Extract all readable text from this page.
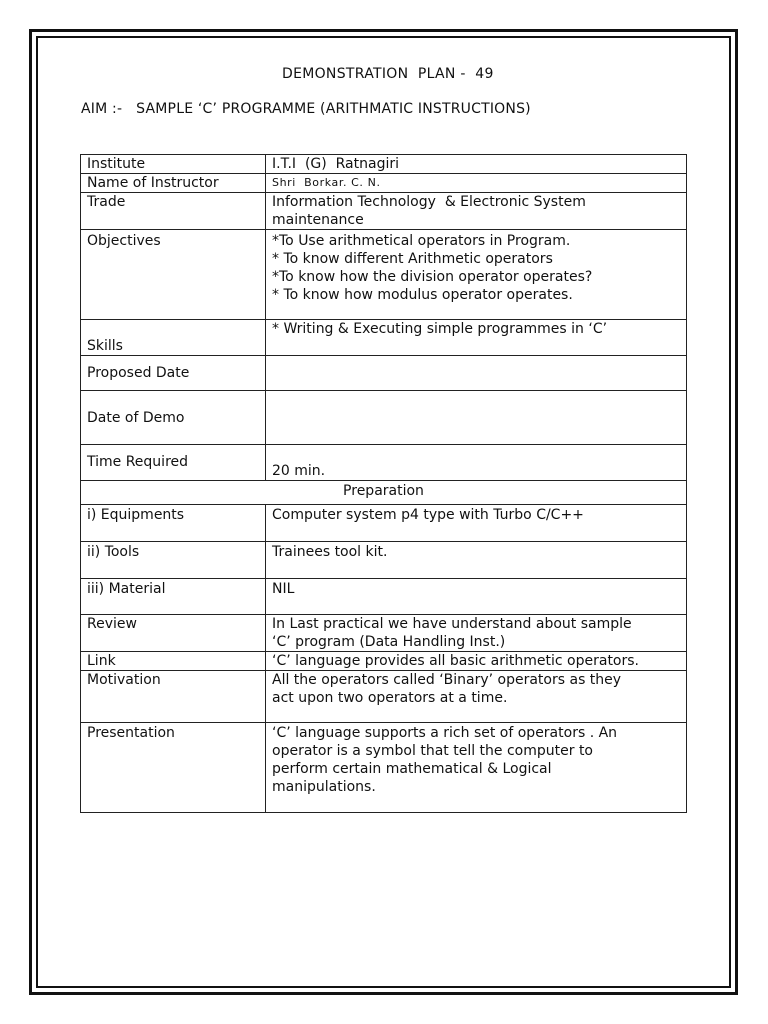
DEMONSTRATION  PLAN -  49
AIM :-   SAMPLE ‘C’ PROGRAMME (ARITHMATIC INSTRUCTIONS)
Institute	I.T.I  (G)  Ratnagiri
Name of Instructor	Shri  Borkar. C. N.
Trade	Information Technology  & Electronic System
maintenance

Objectives	*To Use arithmetical operators in Program.
* To know different Arithmetic operators
*To know how the division operator operates?
* To know how modulus operator operates.

Skills	* Writing & Executing simple programmes in ‘C’
Proposed Date	
Date of Demo	
Time Required	20 min.
Preparation	
i) Equipments	Computer system p4 type with Turbo C/C++
ii) Tools	Trainees tool kit.
iii) Material	NIL
Review	In Last practical we have understand about sample
‘C’ program (Data Handling Inst.)

Link	‘C’ language provides all basic arithmetic operators.
Motivation	All the operators called ‘Binary’ operators as they
act upon two operators at a time.

Presentation	‘C’ language supports a rich set of operators . An
operator is a symbol that tell the computer to
perform certain mathematical & Logical
manipulations.
